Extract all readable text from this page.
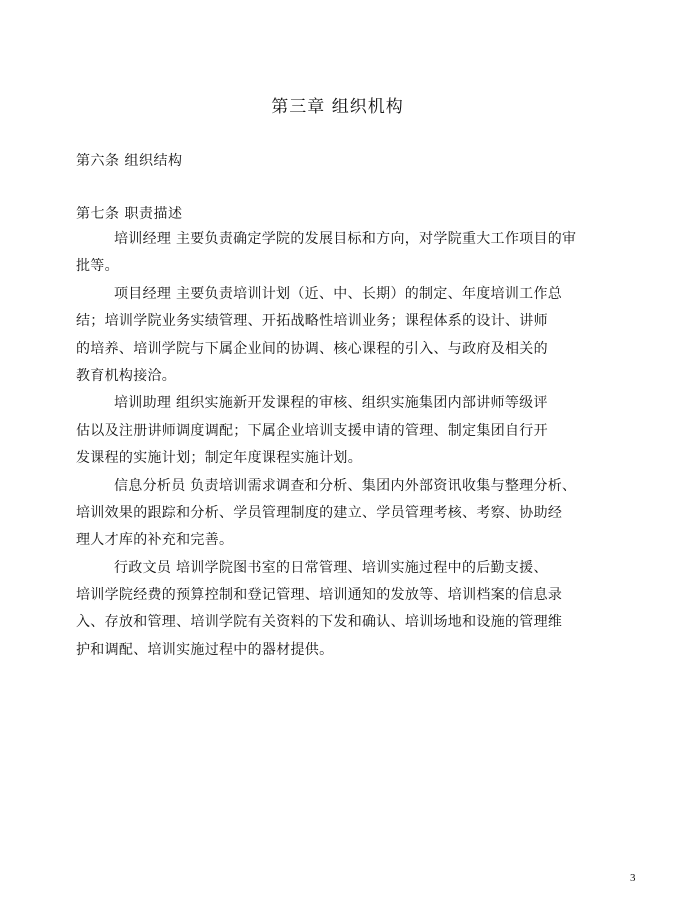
第三章 组织机构
第六条 组织结构
第七条 职责描述
培训经理 主要负责确定学院的发展目标和方向，对学院重大工作项目的审
批等。
项目经理 主要负责培训计划（近、中、长期）的制定、年度培训工作总
结；培训学院业务实绩管理、开拓战略性培训业务；课程体系的设计、讲师
的培养、培训学院与下属企业间的协调、核心课程的引入、与政府及相关的
教育机构接洽。
培训助理 组织实施新开发课程的审核、组织实施集团内部讲师等级评
估以及注册讲师调度调配；下属企业培训支援申请的管理、制定集团自行开
发课程的实施计划；制定年度课程实施计划。
信息分析员 负责培训需求调查和分析、集团内外部资讯收集与整理分析、
培训效果的跟踪和分析、学员管理制度的建立、学员管理考核、考察、协助经
理人才库的补充和完善。
行政文员 培训学院图书室的日常管理、培训实施过程中的后勤支援、
培训学院经费的预算控制和登记管理、培训通知的发放等、培训档案的信息录
入、存放和管理、培训学院有关资料的下发和确认、培训场地和设施的管理维
护和调配、培训实施过程中的器材提供。
3
